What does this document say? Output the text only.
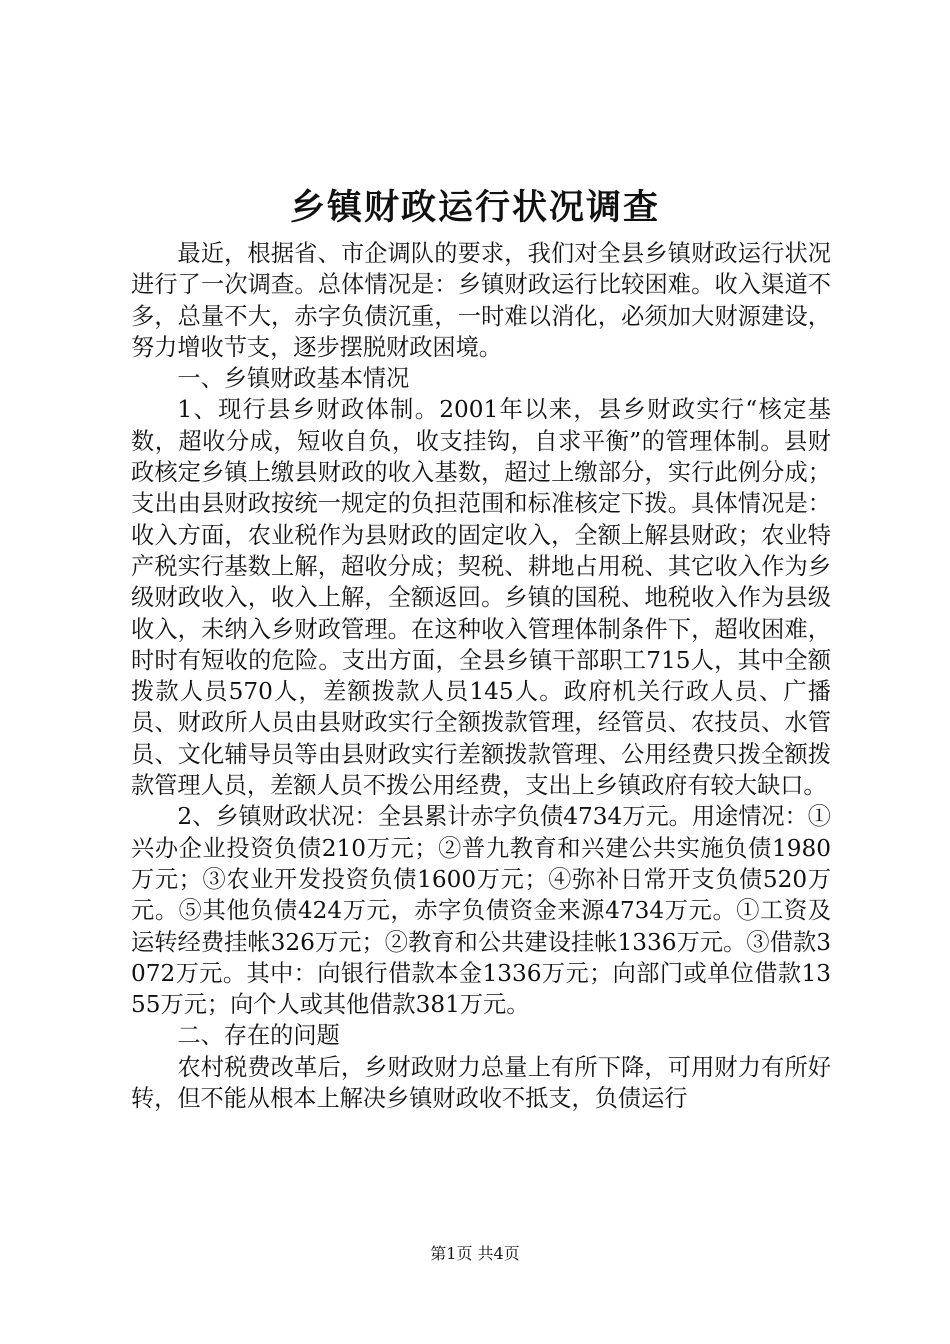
乡镇财政运行状况调查

最近，根据省、市企调队的要求，我们对全县乡镇财政运行状况进行了一次调查。总体情况是：乡镇财政运行比较困难。收入渠道不多，总量不大，赤字负债沉重，一时难以消化，必须加大财源建设，努力增收节支，逐步摆脱财政困境。

一、乡镇财政基本情况

1、现行县乡财政体制。2001年以来，县乡财政实行“核定基数，超收分成，短收自负，收支挂钩，自求平衡”的管理体制。县财政核定乡镇上缴县财政的收入基数，超过上缴部分，实行此例分成；支出由县财政按统一规定的负担范围和标准核定下拨。具体情况是：收入方面，农业税作为县财政的固定收入，全额上解县财政；农业特产税实行基数上解，超收分成；契税、耕地占用税、其它收入作为乡级财政收入，收入上解，全额返回。乡镇的国税、地税收入作为县级收入，未纳入乡财政管理。在这种收入管理体制条件下，超收困难，时时有短收的危险。支出方面，全县乡镇干部职工715人，其中全额拨款人员570人，差额拨款人员145人。政府机关行政人员、广播员、财政所人员由县财政实行全额拨款管理，经管员、农技员、水管员、文化辅导员等由县财政实行差额拨款管理、公用经费只拨全额拨款管理人员，差额人员不拨公用经费，支出上乡镇政府有较大缺口。

2、乡镇财政状况：全县累计赤字负债4734万元。用途情况：①兴办企业投资负债210万元；②普九教育和兴建公共实施负债1980万元；③农业开发投资负债1600万元；④弥补日常开支负债520万元。⑤其他负债424万元，赤字负债资金来源4734万元。①工资及运转经费挂帐326万元；②教育和公共建设挂帐1336万元。③借款3072万元。其中：向银行借款本金1336万元；向部门或单位借款1355万元；向个人或其他借款381万元。

二、存在的问题

农村税费改革后，乡财政财力总量上有所下降，可用财力有所好转，但不能从根本上解决乡镇财政收不抵支，负债运行

第1页 共4页
